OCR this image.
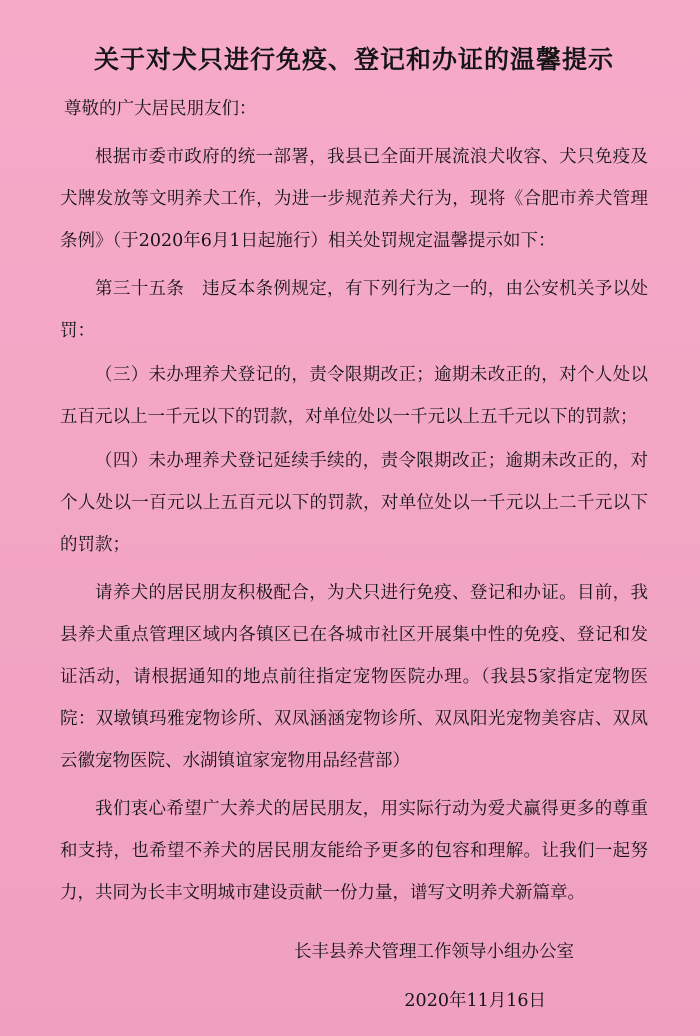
关于对犬只进行免疫、登记和办证的温馨提示
尊敬的广大居民朋友们：

根据市委市政府的统一部署，我县已全面开展流浪犬收容、犬只免疫及犬牌发放等文明养犬工作，为进一步规范养犬行为，现将《合肥市养犬管理条例》（于2020年6月1日起施行）相关处罚规定温馨提示如下：

第三十五条　违反本条例规定，有下列行为之一的，由公安机关予以处罚：

（三）未办理养犬登记的，责令限期改正；逾期未改正的，对个人处以五百元以上一千元以下的罚款，对单位处以一千元以上五千元以下的罚款；

（四）未办理养犬登记延续手续的，责令限期改正；逾期未改正的，对个人处以一百元以上五百元以下的罚款，对单位处以一千元以上二千元以下的罚款；

请养犬的居民朋友积极配合，为犬只进行免疫、登记和办证。目前，我县养犬重点管理区域内各镇区已在各城市社区开展集中性的免疫、登记和发证活动，请根据通知的地点前往指定宠物医院办理。（我县5家指定宠物医院：双墩镇玛雅宠物诊所、双凤涵涵宠物诊所、双凤阳光宠物美容店、双凤云徽宠物医院、水湖镇谊家宠物用品经营部）

我们衷心希望广大养犬的居民朋友，用实际行动为爱犬赢得更多的尊重和支持，也希望不养犬的居民朋友能给予更多的包容和理解。让我们一起努力，共同为长丰文明城市建设贡献一份力量，谱写文明养犬新篇章。

长丰县养犬管理工作领导小组办公室
2020年11月16日
